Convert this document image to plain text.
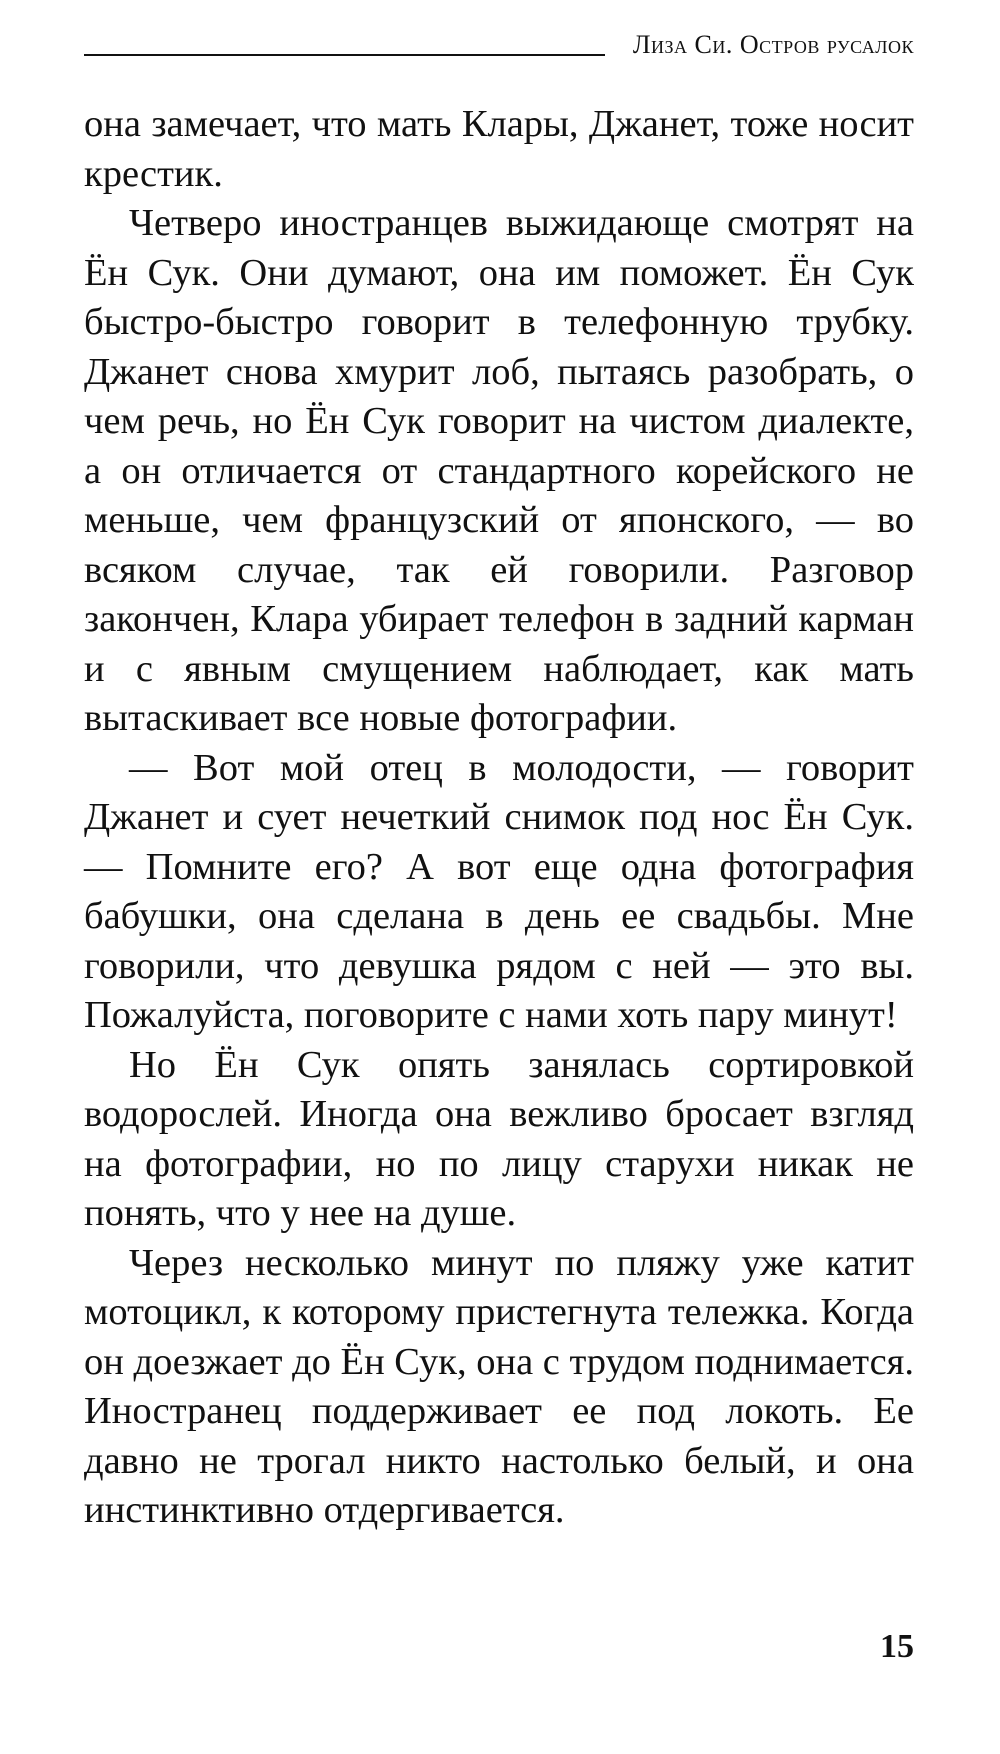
Лиза Си. Остров русалок

она замечает, что мать Клары, Джанет, тоже носит крестик.

Четверо иностранцев выжидающе смотрят на Ён Сук. Они думают, она им поможет. Ён Сук быстро-быстро говорит в телефонную трубку. Джанет снова хмурит лоб, пытаясь разобрать, о чем речь, но Ён Сук говорит на чистом диалекте, а он отличается от стандартного корейского не меньше, чем французский от японского, — во всяком случае, так ей говорили. Разговор закончен, Клара убирает телефон в задний карман и с явным смущением наблюдает, как мать вытаскивает все новые фотографии.

— Вот мой отец в молодости, — говорит Джанет и сует нечеткий снимок под нос Ён Сук. — Помните его? А вот еще одна фотография бабушки, она сделана в день ее свадьбы. Мне говорили, что девушка рядом с ней — это вы. Пожалуйста, поговорите с нами хоть пару минут!

Но Ён Сук опять занялась сортировкой водорослей. Иногда она вежливо бросает взгляд на фотографии, но по лицу старухи никак не понять, что у нее на душе.

Через несколько минут по пляжу уже катит мотоцикл, к которому пристегнута тележка. Когда он доезжает до Ён Сук, она с трудом поднимается. Иностранец поддерживает ее под локоть. Ее давно не трогал никто настолько белый, и она инстинктивно отдергивается.

15
